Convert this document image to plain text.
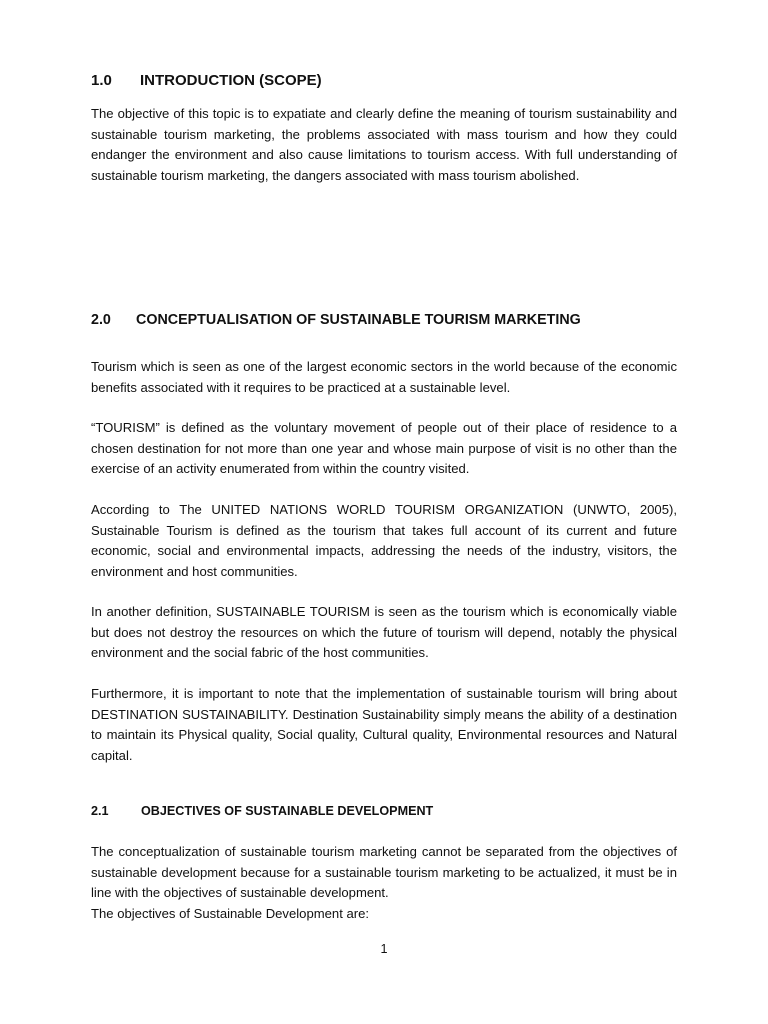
1.0 INTRODUCTION (SCOPE)

The objective of this topic is to expatiate and clearly define the meaning of tourism sustainability and sustainable tourism marketing, the problems associated with mass tourism and how they could endanger the environment and also cause limitations to tourism access. With full understanding of sustainable tourism marketing, the dangers associated with mass tourism abolished.

2.0 CONCEPTUALISATION OF SUSTAINABLE TOURISM MARKETING

Tourism which is seen as one of the largest economic sectors in the world because of the economic benefits associated with it requires to be practiced at a sustainable level.

“TOURISM” is defined as the voluntary movement of people out of their place of residence to a chosen destination for not more than one year and whose main purpose of visit is no other than the exercise of an activity enumerated from within the country visited.

According to The UNITED NATIONS WORLD TOURISM ORGANIZATION (UNWTO, 2005), Sustainable Tourism is defined as the tourism that takes full account of its current and future economic, social and environmental impacts, addressing the needs of the industry, visitors, the environment and host communities.

In another definition, SUSTAINABLE TOURISM is seen as the tourism which is economically viable but does not destroy the resources on which the future of tourism will depend, notably the physical environment and the social fabric of the host communities.

Furthermore, it is important to note that the implementation of sustainable tourism will bring about DESTINATION SUSTAINABILITY. Destination Sustainability simply means the ability of a destination to maintain its Physical quality, Social quality, Cultural quality, Environmental resources and Natural capital.

2.1	OBJECTIVES OF SUSTAINABLE DEVELOPMENT

The conceptualization of sustainable tourism marketing cannot be separated from the objectives of sustainable development because for a sustainable tourism marketing to be actualized, it must be in line with the objectives of sustainable development.

The objectives of Sustainable Development are:

1
